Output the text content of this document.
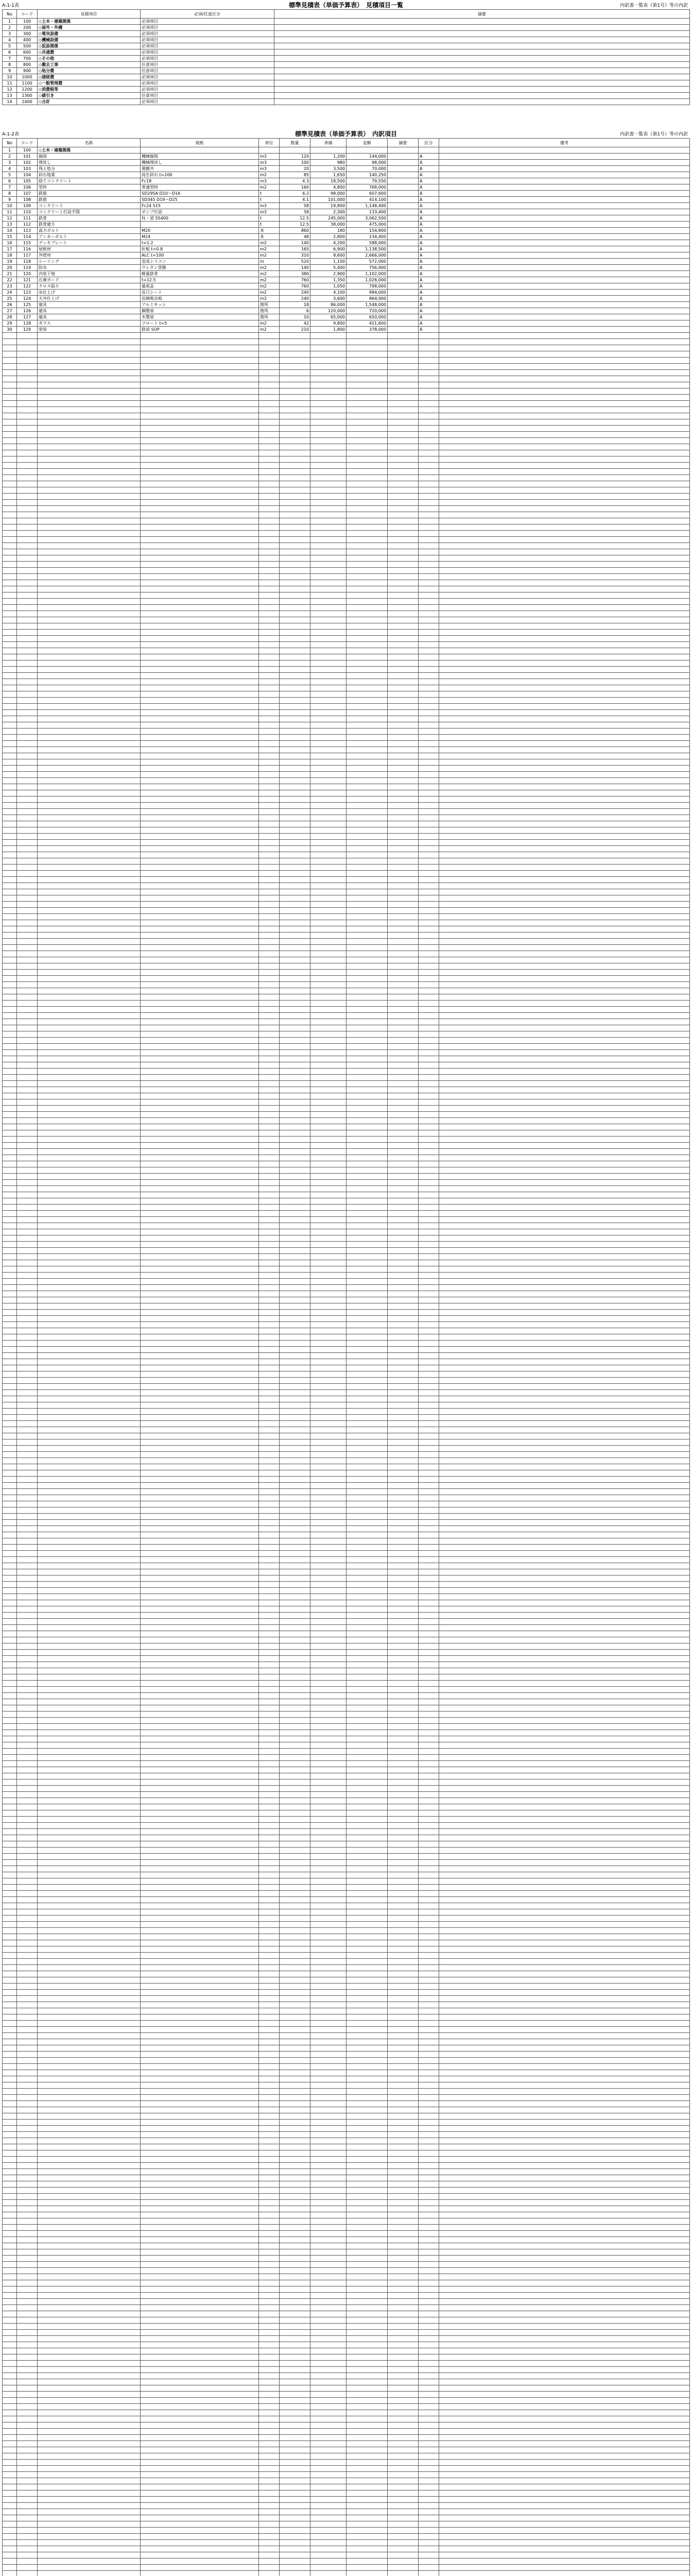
A-1-1表	標準見積表（単価予算表）　見積項目一覧	内訳書一覧表（第1号）等の内訳
No	コード	見積項目	必須/任意区分	摘要
1	100	◇土木・建築関係	必須項目	
2	200	◇屋外・外構	必須項目	
3	300	◇電気設備	必須項目	
4	400	◇機械設備	必須項目	
5	500	◇仮設関係	必須項目	
6	600	◇共通費	必須項目	
7	700	◇その他	必須項目	
8	800	◇撤去工事	任意項目	
9	900	◇処分費	任意項目	
10	1000	◇諸経費	必須項目	
11	1100	◇一般管理費	必須項目	
12	1200	◇消費税等	必須項目	
13	1300	◇値引き	任意項目	
14	1400	◇合計	必須項目	
A-1-2表	標準見積表（単価予算表）　内訳項目	内訳書一覧表（第1号）等の内訳
No	コード	名称	規格	単位	数量	単価	金額	摘要	区分	備考
1	100	◇土木・建築関係								
2	101	掘削	機械掘削	m3	120	1,200	144,000		A	
3	102	埋戻し	機械埋戻し	m3	100	980	98,000		A	
4	103	残土処分	運搬共	m3	20	3,500	70,000		A	
5	104	砕石地業	再生砕石 t=100	m2	85	1,650	140,250		A	
6	105	捨てコンクリート	Fc18	m3	4.3	18,500	79,550		A	
7	106	型枠	普通型枠	m2	160	4,800	768,000		A	
8	107	鉄筋	SD295A D10〜D16	t	6.2	98,000	607,600		A	
9	108	鉄筋	SD345 D19〜D25	t	4.1	101,000	414,100		A	
10	109	コンクリート	Fc24 S15	m3	58	19,800	1,148,400		A	
11	110	コンクリート打設手間	ポンプ打設	m3	58	2,300	133,400		A	
12	111	鉄骨	柱・梁 SS400	t	12.5	245,000	3,062,500		A	
13	112	鉄骨建方		t	12.5	38,000	475,000		A	
14	113	高力ボルト	M20	本	860	180	154,800		A	
15	114	アンカーボルト	M24	本	48	2,800	134,400		A	
16	115	デッキプレート	t=1.2	m2	140	4,200	588,000		A	
17	116	屋根材	折板 t=0.8	m2	165	6,900	1,138,500		A	
18	117	外壁材	ALC t=100	m2	310	8,600	2,666,000		A	
19	118	シーリング	変成シリコン	m	520	1,100	572,000		A	
20	119	防水	ウレタン塗膜	m2	140	5,400	756,000		A	
21	120	内装下地	軽量鉄骨	m2	380	2,900	1,102,000		A	
22	121	石膏ボード	t=12.5	m2	760	1,350	1,026,000		A	
23	122	クロス貼り	量産品	m2	760	1,050	798,000		A	
24	123	床仕上げ	長尺シート	m2	240	4,100	984,000		A	
25	124	天井仕上げ	岩綿吸音板	m2	240	3,600	864,000		A	
26	125	建具	アルミサッシ	箇所	18	86,000	1,548,000		A	
27	126	建具	鋼製扉	箇所	6	120,000	720,000		A	
28	127	建具	木製扉	箇所	10	65,000	650,000		A	
29	128	ガラス	フロート t=5	m2	42	9,800	411,600		A	
30	129	塗装	鉄部 SOP	m2	210	1,800	378,000		A	
